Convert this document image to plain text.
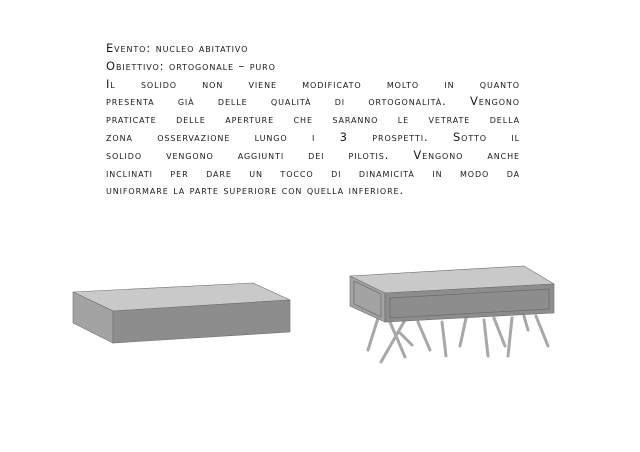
Evento: nucleo abitativo

Obiettivo: ortogonale – puro

Il solido non viene modificato molto in quanto

presenta già delle qualità di ortogonalità. Vengono

praticate delle aperture che saranno le vetrate della

zona osservazione lungo i 3 prospetti. Sotto il

solido vengono aggiunti dei pilotis. Vengono anche

inclinati per dare un tocco di dinamicità in modo da

uniformare la parte superiore con quella inferiore.
